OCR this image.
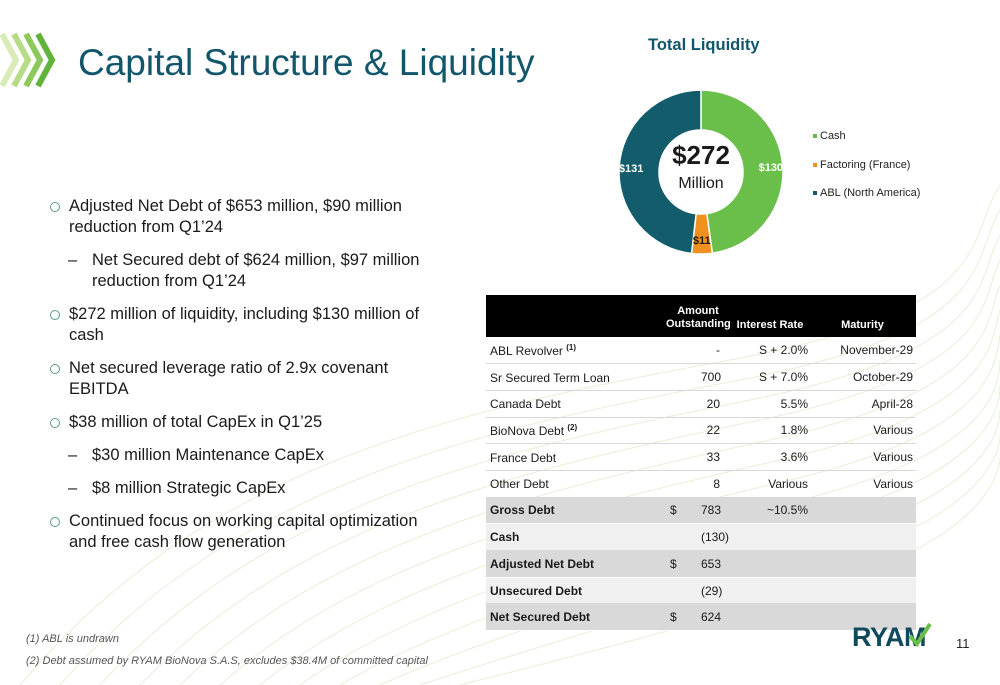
Capital Structure & Liquidity
Adjusted Net Debt of $653 million, $90 million reduction from Q1’24
– Net Secured debt of $624 million, $97 million reduction from Q1’24
$272 million of liquidity, including $130 million of cash
Net secured leverage ratio of 2.9x covenant EBITDA
$38 million of total CapEx in Q1’25
– $30 million Maintenance CapEx
– $8 million Strategic CapEx
Continued focus on working capital optimization and free cash flow generation
Total Liquidity
$130
$11
$131 $272
Million
Cash
Factoring (France)
ABL (North America)
	Amount Outstanding		Interest Rate	Maturity
ABL Revolver $^{(1)}$		-	S + 2.0%	November-29
Sr Secured Term Loan		700	S + 7.0%	October-29
Canada Debt		20	5.5%	April-28
BioNova Debt $^{(2)}$		22	1.8%	Various
France Debt		33	3.6%	Various
Other Debt		8	Various	Various
Gross Debt	$	783	~10.5%	
Cash		(130)		
Adjusted Net Debt	$	653		
Unsecured Debt		(29)		
Net Secured Debt	$	624		
(1) ABL is undrawn
(2) Debt assumed by RYAM BioNova S.A.S, excludes $38.4M of committed capital
RYAM 11
